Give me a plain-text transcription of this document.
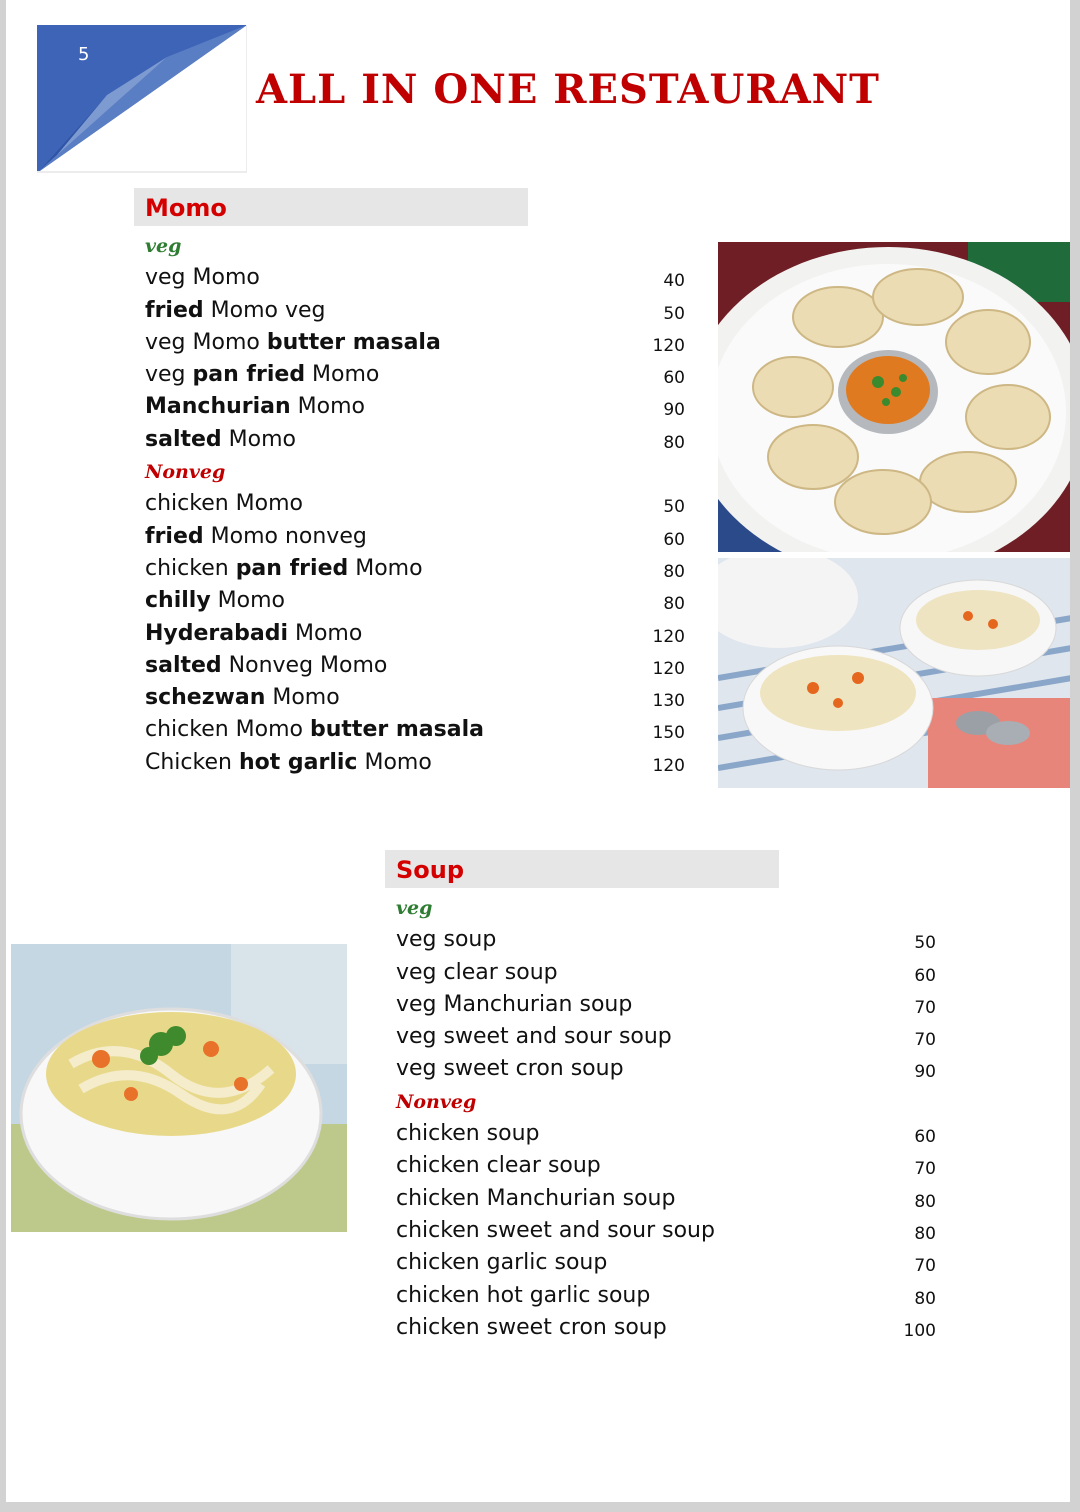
5
ALL IN ONE RESTAURANT
Momo
veg
veg Momo	40
fried Momo veg	50
veg Momo butter masala	120
veg pan fried Momo	60
Manchurian Momo	90
salted Momo	80
Nonveg
chicken Momo	50
fried Momo nonveg	60
chicken pan fried Momo	80
chilly Momo	80
Hyderabadi Momo	120
salted Nonveg Momo	120
schezwan Momo	130
chicken Momo butter masala	150
Chicken hot garlic Momo	120
Soup
veg
veg soup	50
veg clear soup	60
veg Manchurian soup	70
veg sweet and sour soup	70
veg sweet cron soup	90
Nonveg
chicken soup	60
chicken clear soup	70
chicken Manchurian soup	80
chicken sweet and sour soup	80
chicken garlic soup	70
chicken hot garlic soup	80
chicken sweet cron soup	100
